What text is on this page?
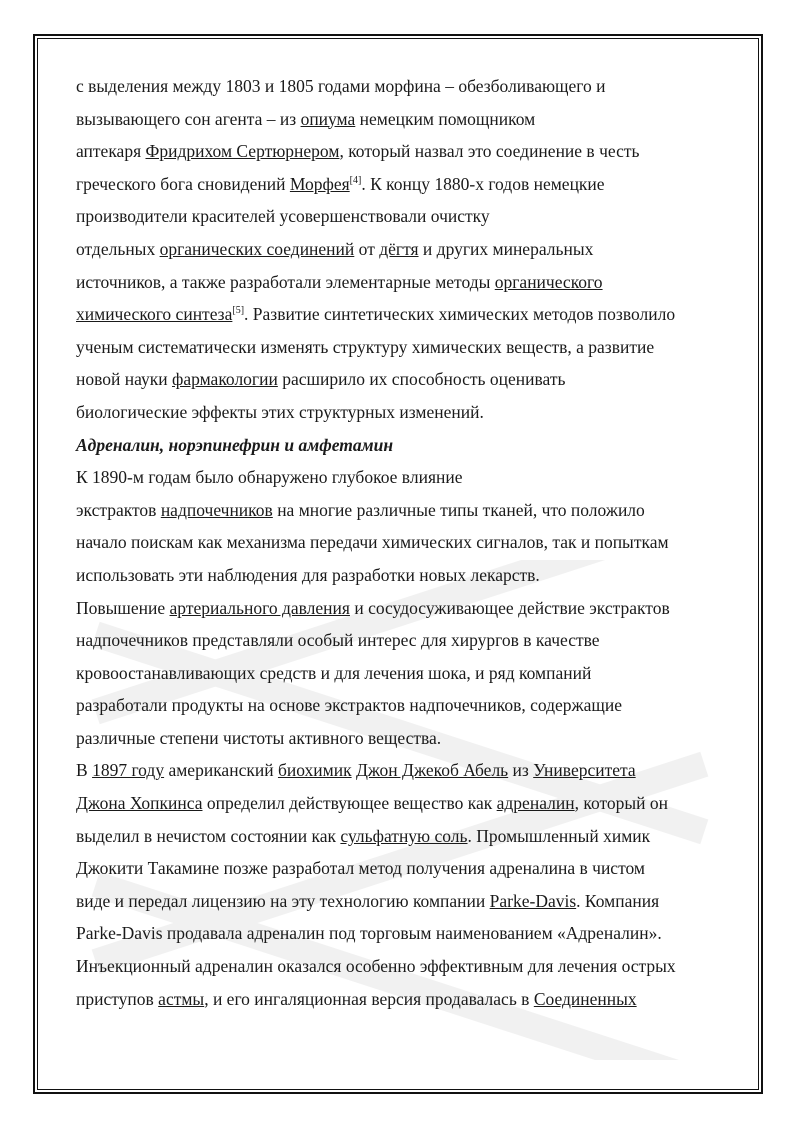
с выделения между 1803 и 1805 годами морфина – обезболивающего и
вызывающего сон агента – из опиума немецким помощником
аптекаря Фридрихом Сертюрнером, который назвал это соединение в честь
греческого бога сновидений Морфея[4]. К концу 1880-х годов немецкие
производители красителей усовершенствовали очистку
отдельных органических соединений от дёгтя и других минеральных
источников, а также разработали элементарные методы органического
химического синтеза[5]. Развитие синтетических химических методов позволило
ученым систематически изменять структуру химических веществ, а развитие
новой науки фармакологии расширило их способность оценивать
биологические эффекты этих структурных изменений.
Адреналин, норэпинефрин и амфетамин
К 1890-м годам было обнаружено глубокое влияние
экстрактов надпочечников на многие различные типы тканей, что положило
начало поискам как механизма передачи химических сигналов, так и попыткам
использовать эти наблюдения для разработки новых лекарств.
Повышение артериального давления и сосудосуживающее действие экстрактов
надпочечников представляли особый интерес для хирургов в качестве
кровоостанавливающих средств и для лечения шока, и ряд компаний
разработали продукты на основе экстрактов надпочечников, содержащие
различные степени чистоты активного вещества.
В 1897 году американский биохимик Джон Джекоб Абель из Университета
Джона Хопкинса определил действующее вещество как адреналин, который он
выделил в нечистом состоянии как сульфатную соль. Промышленный химик
Джокити Такамине позже разработал метод получения адреналина в чистом
виде и передал лицензию на эту технологию компании Parke-Davis. Компания
Parke-Davis продавала адреналин под торговым наименованием «Адреналин».
Инъекционный адреналин оказался особенно эффективным для лечения острых
приступов астмы, и его ингаляционная версия продавалась в Соединенных
